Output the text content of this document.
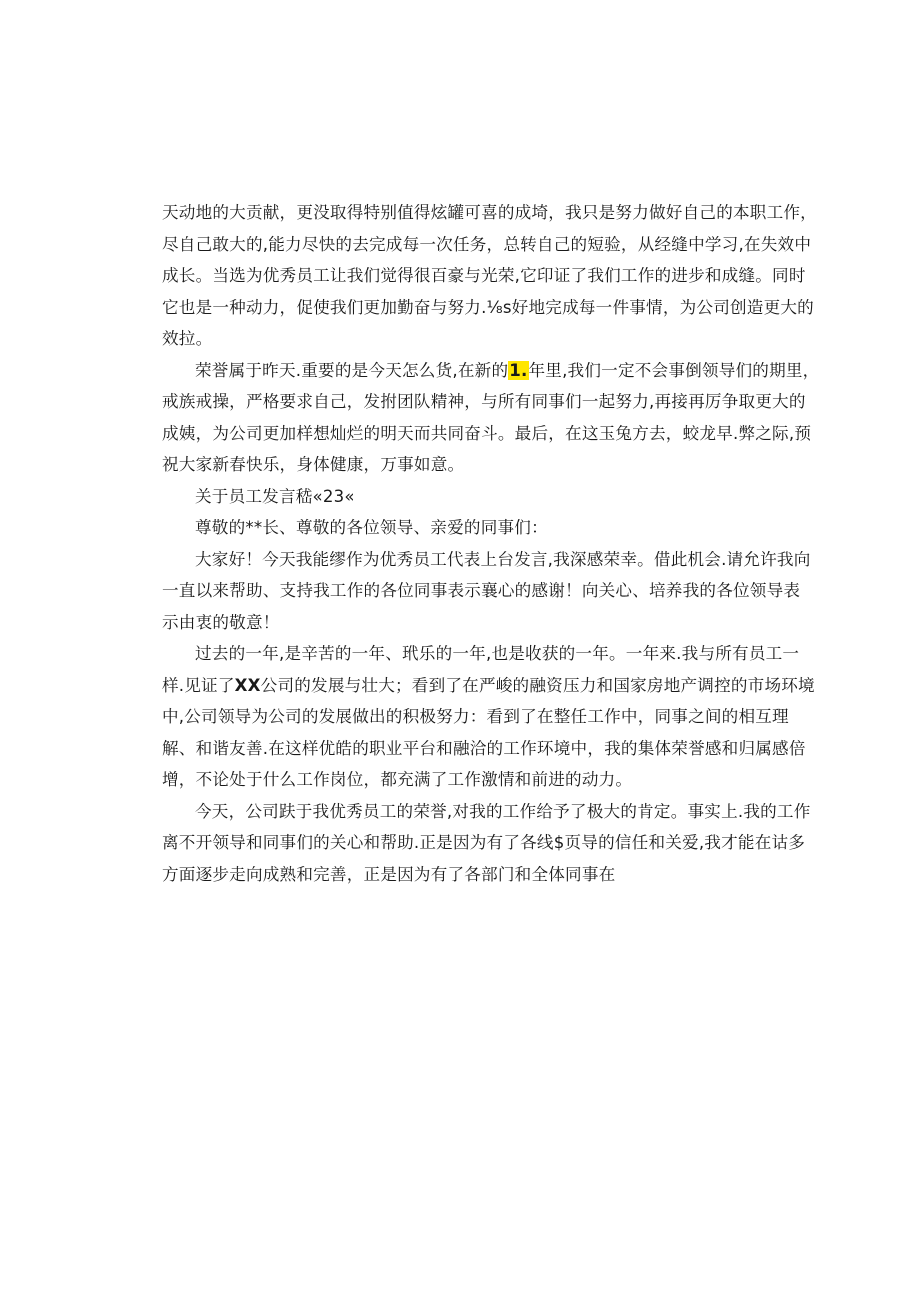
天动地的大贡献，更没取得特别值得炫罐可喜的成埼，我只是努力做好自己的本职工作，
尽自己敢大的,能力尽快的去完成每一次任务，总转自己的短验，从经缝中学习,在失效中
成长。当选为优秀员工让我们觉得很百豪与光荣,它印证了我们工作的进步和成缝。同时
它也是一种动力，促使我们更加勤奋与努力.⅛s好地完成每一件事情，为公司创造更大的
效拉。
荣誉属于昨天.重要的是今天怎么货,在新的1.年里,我们一定不会事倒领导们的期里，
戒族戒操，严格要求自己，发拊团队精神，与所有同事们一起努力,再接再厉争取更大的
成姨，为公司更加样想灿烂的明天而共同奋斗。最后，在这玉兔方去，蛟龙早.弊之际,预
祝大家新春快乐，身体健康，万事如意。
关于员工发言嵇«23«
尊敬的**长、尊敬的各位领导、亲爱的同事们：
大家好！今天我能缪作为优秀员工代表上台发言,我深感荣幸。借此机会.请允许我向
一直以来帮助、支持我工作的各位同事表示襄心的感谢！向关心、培养我的各位领导表
示由衷的敬意！
过去的一年,是辛苦的一年、玳乐的一年,也是收获的一年。一年来.我与所有员工一
样.见证了XX公司的发展与壮大；看到了在严峻的融资压力和国家房地产调控的市场环境
中,公司领导为公司的发展做出的积极努力：看到了在整任工作中，同事之间的相互理
解、和谐友善.在这样优皓的职业平台和融洽的工作环境中，我的集体荣誉感和归属感倍
增，不论处于什么工作岗位，都充满了工作激情和前进的动力。
今天，公司趺于我优秀员工的荣誉,对我的工作给予了极大的肯定。事实上.我的工作
离不开领导和同事们的关心和帮助.正是因为有了各线$页导的信任和关爱,我才能在诂多
方面逐步走向成熟和完善，正是因为有了各部门和全体同事在
